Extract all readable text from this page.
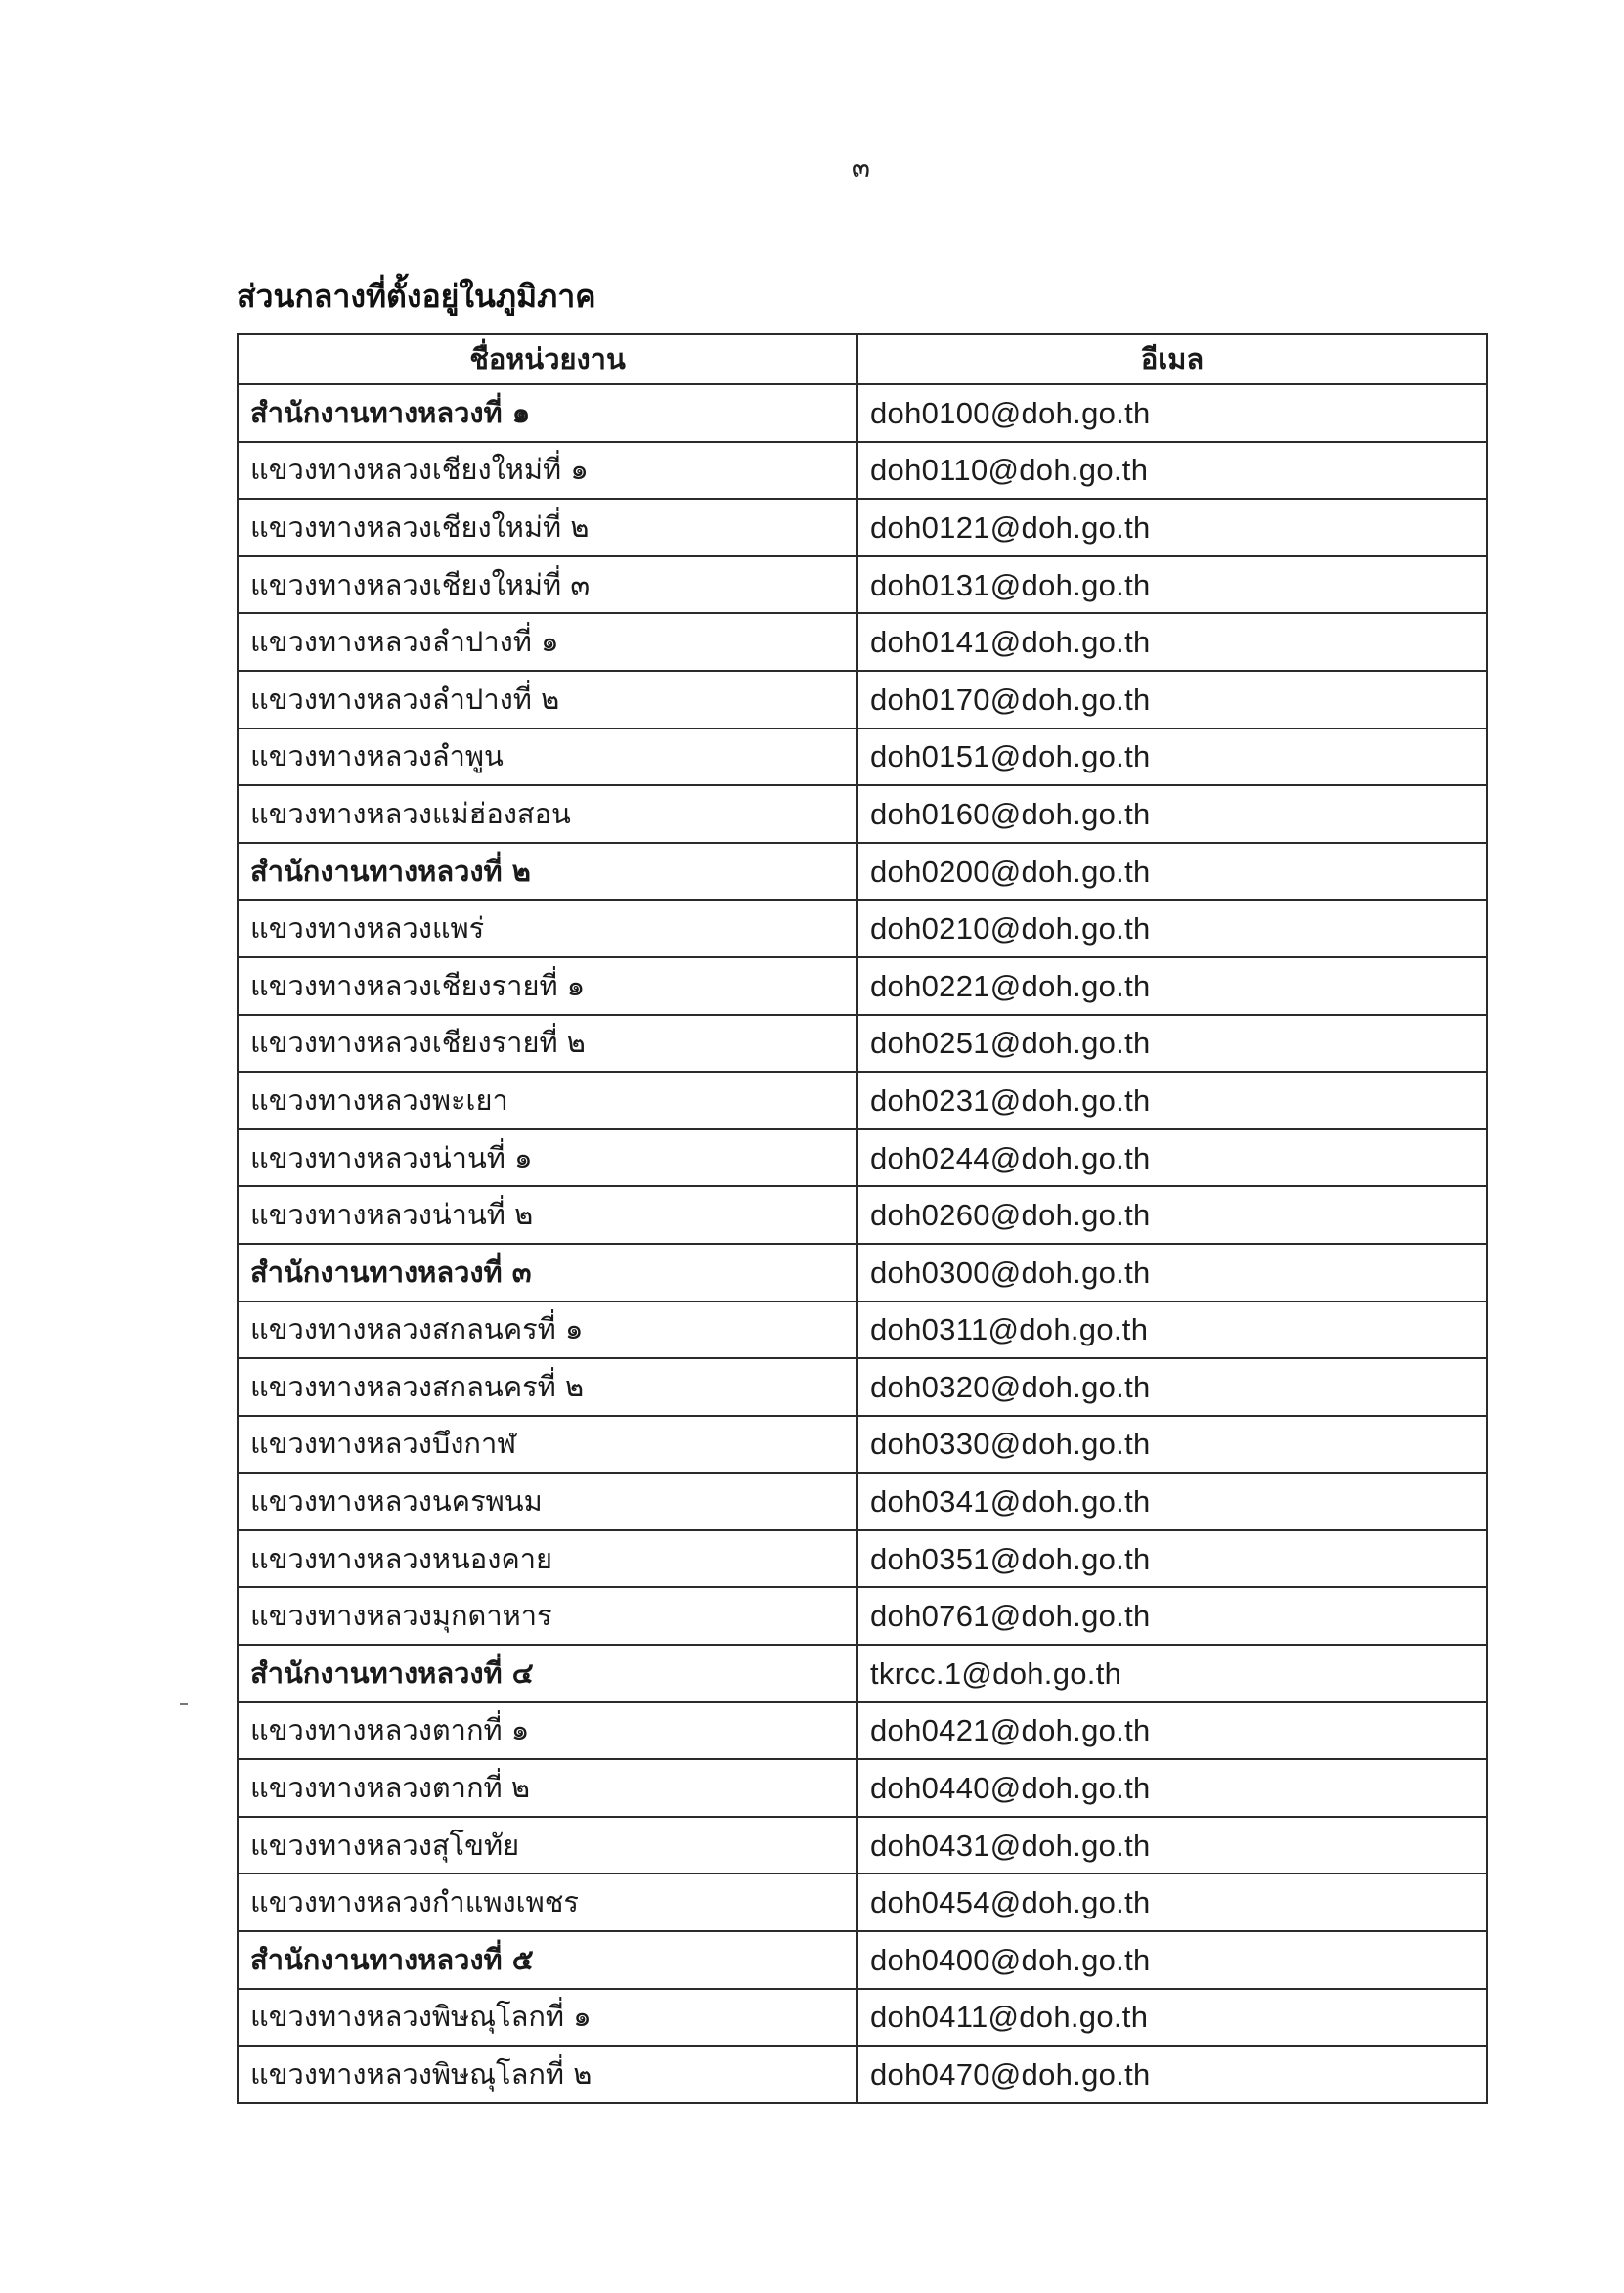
๓
ส่วนกลางที่ตั้งอยู่ในภูมิภาค
ชื่อหน่วยงาน	อีเมล
สำนักงานทางหลวงที่ ๑	doh0100@doh.go.th
แขวงทางหลวงเชียงใหม่ที่ ๑	doh0110@doh.go.th
แขวงทางหลวงเชียงใหม่ที่ ๒	doh0121@doh.go.th
แขวงทางหลวงเชียงใหม่ที่ ๓	doh0131@doh.go.th
แขวงทางหลวงลำปางที่ ๑	doh0141@doh.go.th
แขวงทางหลวงลำปางที่ ๒	doh0170@doh.go.th
แขวงทางหลวงลำพูน	doh0151@doh.go.th
แขวงทางหลวงแม่ฮ่องสอน	doh0160@doh.go.th
สำนักงานทางหลวงที่ ๒	doh0200@doh.go.th
แขวงทางหลวงแพร่	doh0210@doh.go.th
แขวงทางหลวงเชียงรายที่ ๑	doh0221@doh.go.th
แขวงทางหลวงเชียงรายที่ ๒	doh0251@doh.go.th
แขวงทางหลวงพะเยา	doh0231@doh.go.th
แขวงทางหลวงน่านที่ ๑	doh0244@doh.go.th
แขวงทางหลวงน่านที่ ๒	doh0260@doh.go.th
สำนักงานทางหลวงที่ ๓	doh0300@doh.go.th
แขวงทางหลวงสกลนครที่ ๑	doh0311@doh.go.th
แขวงทางหลวงสกลนครที่ ๒	doh0320@doh.go.th
แขวงทางหลวงบึงกาฬ	doh0330@doh.go.th
แขวงทางหลวงนครพนม	doh0341@doh.go.th
แขวงทางหลวงหนองคาย	doh0351@doh.go.th
แขวงทางหลวงมุกดาหาร	doh0761@doh.go.th
สำนักงานทางหลวงที่ ๔	tkrcc.1@doh.go.th
แขวงทางหลวงตากที่ ๑	doh0421@doh.go.th
แขวงทางหลวงตากที่ ๒	doh0440@doh.go.th
แขวงทางหลวงสุโขทัย	doh0431@doh.go.th
แขวงทางหลวงกำแพงเพชร	doh0454@doh.go.th
สำนักงานทางหลวงที่ ๕	doh0400@doh.go.th
แขวงทางหลวงพิษณุโลกที่ ๑	doh0411@doh.go.th
แขวงทางหลวงพิษณุโลกที่ ๒	doh0470@doh.go.th
